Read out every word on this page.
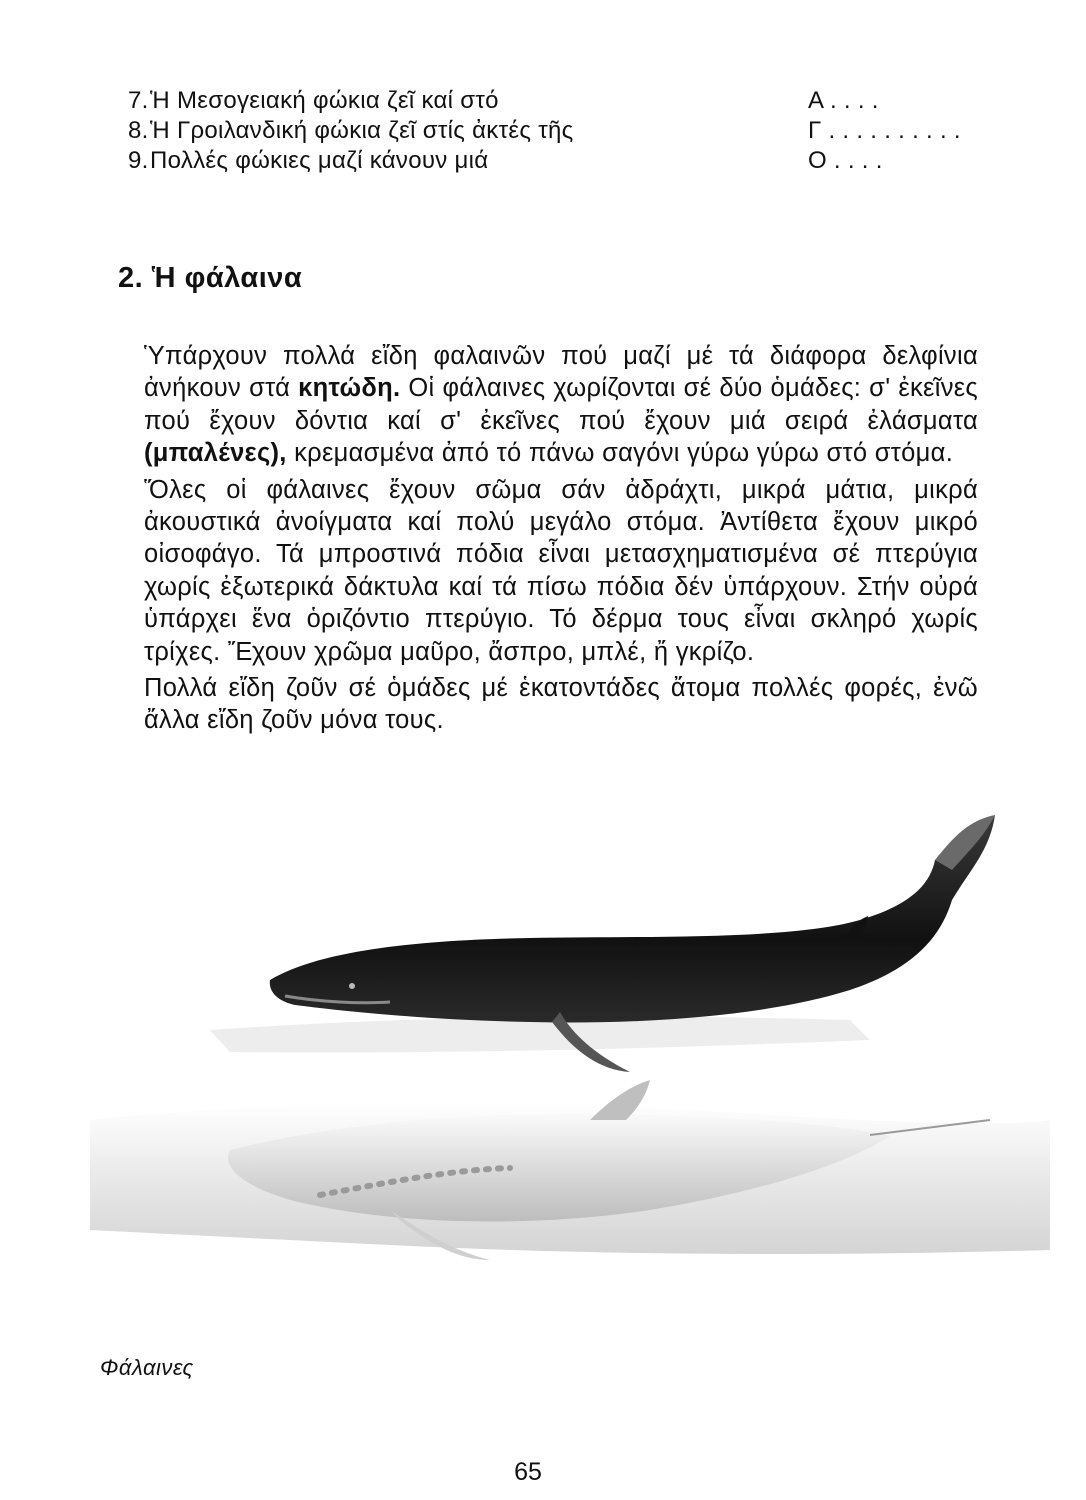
7. Ἡ Μεσογειακή φώκια ζεῖ καί στό	Α . . . .
8. Ἡ Γροιλανδική φώκια ζεῖ στίς ἀκτές τῆς	Γ . . . . . . . . . .
9. Πολλές φώκιες μαζί κάνουν μιά	Ο . . . .
2. Ἡ φάλαινα

Ὑπάρχουν πολλά εἴδη φαλαινῶν πού μαζί μέ τά διάφορα δελφίνια ἀνήκουν στά κητώδη. Οἱ φάλαινες χωρίζονται σέ δύο ὁμάδες: σ' ἐκεῖνες πού ἔχουν δόντια καί σ' ἐκεῖνες πού ἔχουν μιά σειρά ἐλάσματα (μπαλένες), κρεμασμένα ἀπό τό πάνω σαγόνι γύρω γύρω στό στόμα.

Ὅλες οἱ φάλαινες ἔχουν σῶμα σάν ἀδράχτι, μικρά μάτια, μικρά ἀκουστικά ἀνοίγματα καί πολύ μεγάλο στόμα. Ἀντίθετα ἔχουν μικρό οἰσοφάγο. Τά μπροστινά πόδια εἶναι μετασχηματισμένα σέ πτερύγια χωρίς ἐξωτερικά δάκτυλα καί τά πίσω πόδια δέν ὑπάρχουν. Στήν οὐρά ὑπάρχει ἕνα ὁριζόντιο πτερύγιο. Τό δέρμα τους εἶναι σκληρό χωρίς τρίχες. Ἔχουν χρῶμα μαῦρο, ἄσπρο, μπλέ, ἤ γκρίζο.

Πολλά εἴδη ζοῦν σέ ὁμάδες μέ ἑκατοντάδες ἄτομα πολλές φορές, ἐνῶ ἄλλα εἴδη ζοῦν μόνα τους.

Φάλαινες
65
